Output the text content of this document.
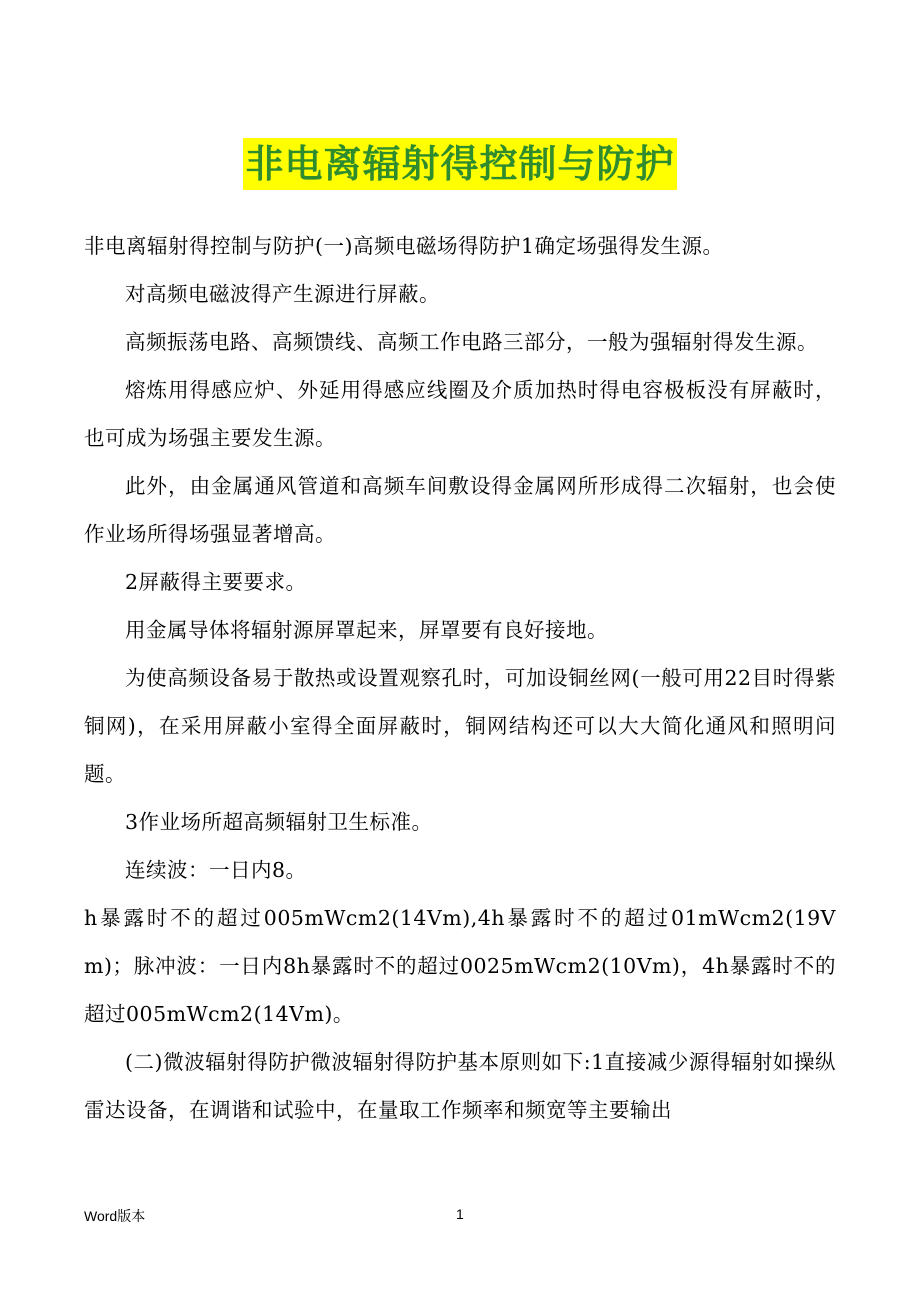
非电离辐射得控制与防护

非电离辐射得控制与防护(一)高频电磁场得防护1确定场强得发生源。

对高频电磁波得产生源进行屏蔽。

高频振荡电路、高频馈线、高频工作电路三部分，一般为强辐射得发生源。

熔炼用得感应炉、外延用得感应线圈及介质加热时得电容极板没有屏蔽时，也可成为场强主要发生源。

此外，由金属通风管道和高频车间敷设得金属网所形成得二次辐射，也会使作业场所得场强显著增高。

2屏蔽得主要要求。

用金属导体将辐射源屏罩起来，屏罩要有良好接地。

为使高频设备易于散热或设置观察孔时，可加设铜丝网(一般可用22目时得紫铜网)，在采用屏蔽小室得全面屏蔽时，铜网结构还可以大大简化通风和照明问题。

3作业场所超高频辐射卫生标准。

连续波：一日内8。

h暴露时不的超过005mWcm2(14Vm),4h暴露时不的超过01mWcm2(19Vm)；脉冲波：一日内8h暴露时不的超过0025mWcm2(10Vm)，4h暴露时不的超过005mWcm2(14Vm)。

(二)微波辐射得防护微波辐射得防护基本原则如下:1直接减少源得辐射如操纵雷达设备，在调谐和试验中，在量取工作频率和频宽等主要输出

Word版本	1
